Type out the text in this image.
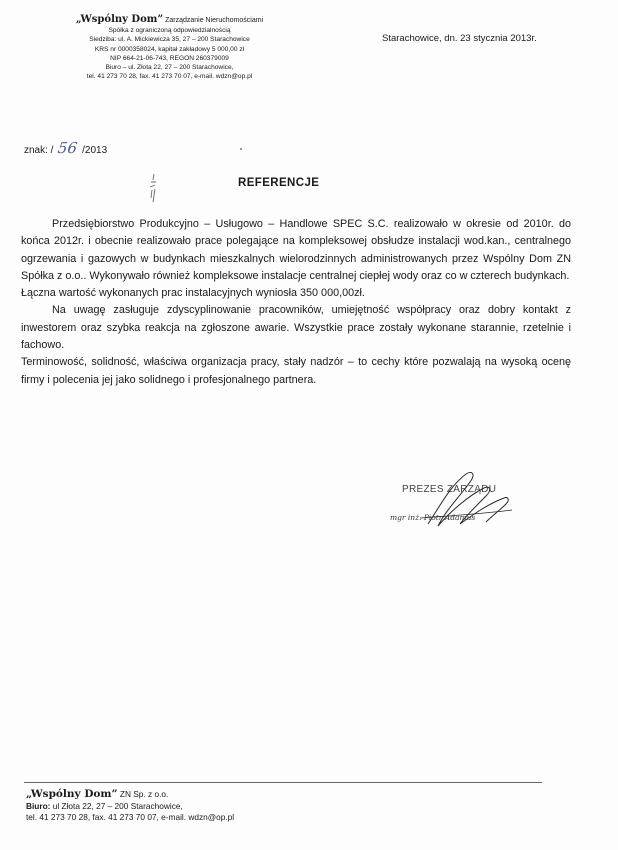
„Wspólny Dom” Zarządzanie Nieruchomościami
Spółka z ograniczoną odpowiedzialnością
Siedziba: ul. A. Mickiewicza 35, 27 – 200 Starachowice
KRS nr 0000358024, kapitał zakładowy 5 000,00 zł
NIP 664-21-06-743, REGON 260379009
Biuro – ul. Złota 22, 27 – 200 Starachowice,
tel. 41 273 70 28, fax. 41 273 70 07, e-mail. wdzn@op.pl
Starachowice, dn. 23 stycznia 2013r.
znak: / 56 /2013
REFERENCJE

Przedsiębiorstwo Produkcyjno – Usługowo – Handlowe SPEC S.C. realizowało w okresie od 2010r. do końca 2012r. i obecnie realizowało prace polegające na kompleksowej obsłudze instalacji wod.kan., centralnego ogrzewania i gazowych w budynkach mieszkalnych wielorodzinnych administrowanych przez Wspólny Dom ZN Spółka z o.o.. Wykonywało również kompleksowe instalacje centralnej ciepłej wody oraz co w czterech budynkach.

Łączna wartość wykonanych prac instalacyjnych wyniosła 350 000,00zł.

Na uwagę zasługuje zdyscyplinowanie pracowników, umiejętność współpracy oraz dobry kontakt z inwestorem oraz szybka reakcja na zgłoszone awarie. Wszystkie prace zostały wykonane starannie, rzetelnie i fachowo.

Terminowość, solidność, właściwa organizacja pracy, stały nadzór – to cechy które pozwalają na wysoką ocenę firmy i polecenia jej jako solidnego i profesjonalnego partnera.

PREZES ZARZĄDU
mgr inż. Piotr Adamus
„Wspólny Dom” ZN Sp. z o.o.
Biuro: ul Złota 22, 27 – 200 Starachowice,
tel. 41 273 70 28, fax. 41 273 70 07, e-mail. wdzn@op.pl
